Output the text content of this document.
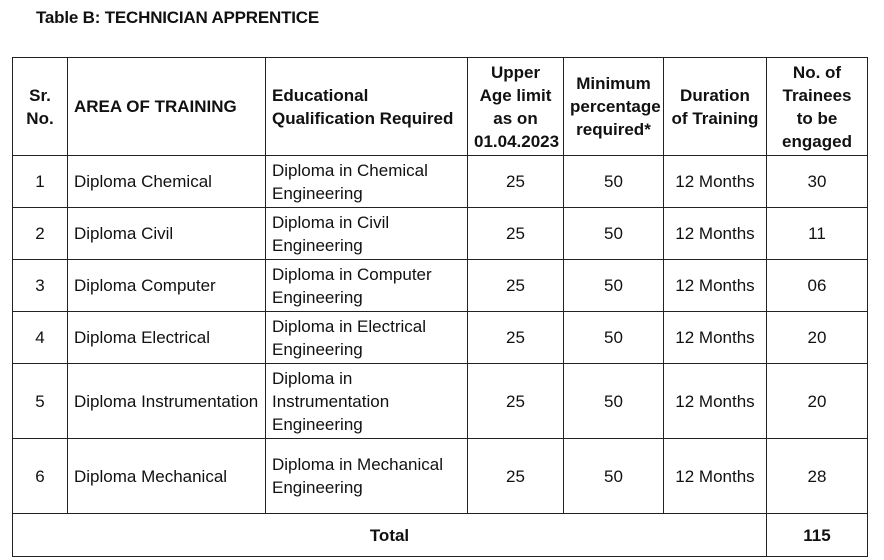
Table B: TECHNICIAN APPRENTICE
Sr. No.	AREA OF TRAINING	Educational Qualification Required	Upper Age limit as on 01.04.2023	Minimum percentage required*	Duration of Training	No. of Trainees to be engaged
1	Diploma Chemical	Diploma in Chemical Engineering	25	50	12 Months	30
2	Diploma Civil	Diploma in Civil Engineering	25	50	12 Months	11
3	Diploma Computer	Diploma in Computer Engineering	25	50	12 Months	06
4	Diploma Electrical	Diploma in Electrical Engineering	25	50	12 Months	20
5	Diploma Instrumentation	Diploma in Instrumentation Engineering	25	50	12 Months	20
6	Diploma Mechanical	Diploma in Mechanical Engineering	25	50	12 Months	28
Total						115
